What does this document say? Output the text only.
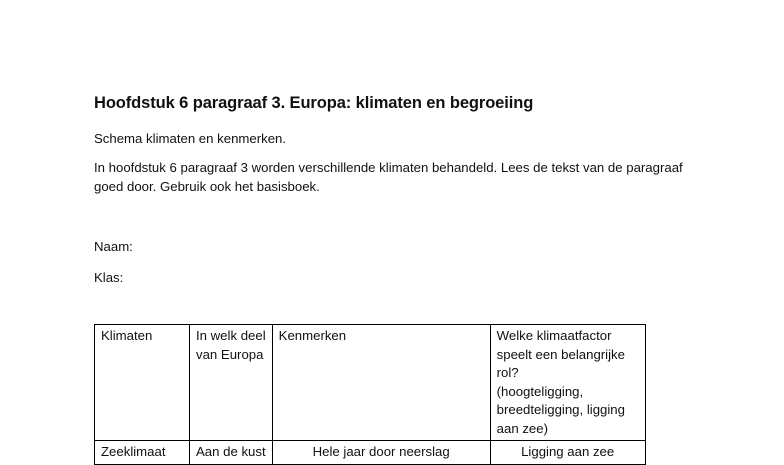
Hoofdstuk 6 paragraaf 3. Europa: klimaten en begroeiing
Schema klimaten en kenmerken.
In hoofdstuk 6 paragraaf 3 worden verschillende klimaten behandeld. Lees de tekst van de paragraaf
goed door. Gebruik ook het basisboek.
Naam:
Klas:
Klimaten	In welk deel van Europa	Kenmerken	Welke klimaatfactor speelt een belangrijke rol?
(hoogteligging, breedteligging, ligging aan zee)
Zeeklimaat	Aan de kust	Hele jaar door neerslag	Ligging aan zee
